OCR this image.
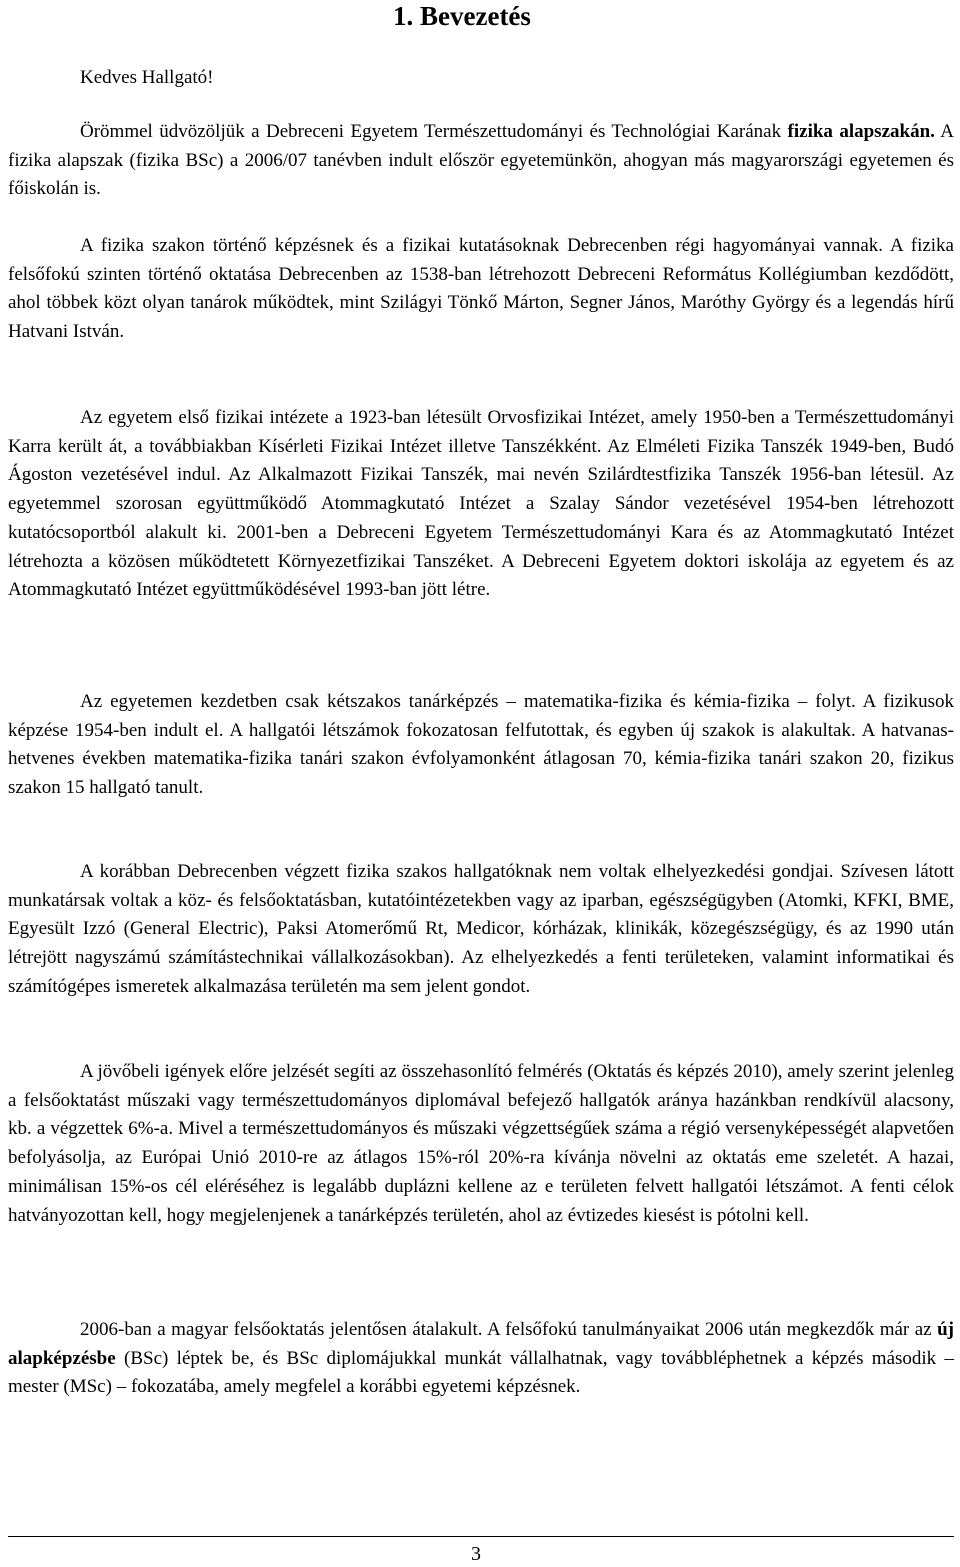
1. Bevezetés
Kedves Hallgató!

Örömmel üdvözöljük a Debreceni Egyetem Természettudományi és Technológiai Karának fizika alapszakán. A fizika alapszak (fizika BSc) a 2006/07 tanévben indult először egyetemünkön, ahogyan más magyarországi egyetemen és főiskolán is.

A fizika szakon történő képzésnek és a fizikai kutatásoknak Debrecenben régi hagyományai vannak. A fizika felsőfokú szinten történő oktatása Debrecenben az 1538-ban létrehozott Debreceni Református Kollégiumban kezdődött, ahol többek közt olyan tanárok működtek, mint Szilágyi Tönkő Márton, Segner János, Maróthy György és a legendás hírű Hatvani István.

Az egyetem első fizikai intézete a 1923-ban létesült Orvosfizikai Intézet, amely 1950-ben a Természettudományi Karra került át, a továbbiakban Kísérleti Fizikai Intézet illetve Tanszékként. Az Elméleti Fizika Tanszék 1949-ben, Budó Ágoston vezetésével indul. Az Alkalmazott Fizikai Tanszék, mai nevén Szilárdtestfizika Tanszék 1956-ban létesül. Az egyetemmel szorosan együttműködő Atommagkutató Intézet a Szalay Sándor vezetésével 1954-ben létrehozott kutatócsoportból alakult ki. 2001-ben a Debreceni Egyetem Természettudományi Kara és az Atommagkutató Intézet létrehozta a közösen működtetett Környezetfizikai Tanszéket. A Debreceni Egyetem doktori iskolája az egyetem és az Atommagkutató Intézet együttműködésével 1993-ban jött létre.

Az egyetemen kezdetben csak kétszakos tanárképzés – matematika-fizika és kémia-fizika – folyt. A fizikusok képzése 1954-ben indult el. A hallgatói létszámok fokozatosan felfutottak, és egyben új szakok is alakultak. A hatvanas-hetvenes években matematika-fizika tanári szakon évfolyamonként átlagosan 70, kémia-fizika tanári szakon 20, fizikus szakon 15 hallgató tanult.

A korábban Debrecenben végzett fizika szakos hallgatóknak nem voltak elhelyezkedési gondjai. Szívesen látott munkatársak voltak a köz- és felsőoktatásban, kutatóintézetekben vagy az iparban, egészségügyben (Atomki, KFKI, BME, Egyesült Izzó (General Electric), Paksi Atomerőmű Rt, Medicor, kórházak, klinikák, közegészségügy, és az 1990 után létrejött nagyszámú számítástechnikai vállalkozásokban). Az elhelyezkedés a fenti területeken, valamint informatikai és számítógépes ismeretek alkalmazása területén ma sem jelent gondot.

A jövőbeli igények előre jelzését segíti az összehasonlító felmérés (Oktatás és képzés 2010), amely szerint jelenleg a felsőoktatást műszaki vagy természettudományos diplomával befejező hallgatók aránya hazánkban rendkívül alacsony, kb. a végzettek 6%-a. Mivel a természettudományos és műszaki végzettségűek száma a régió versenyképességét alapvetően befolyásolja, az Európai Unió 2010-re az átlagos 15%-ról 20%-ra kívánja növelni az oktatás eme szeletét. A hazai, minimálisan 15%-os cél eléréséhez is legalább duplázni kellene az e területen felvett hallgatói létszámot. A fenti célok hatványozottan kell, hogy megjelenjenek a tanárképzés területén, ahol az évtizedes kiesést is pótolni kell.

2006-ban a magyar felsőoktatás jelentősen átalakult. A felsőfokú tanulmányaikat 2006 után megkezdők már az új alapképzésbe (BSc) léptek be, és BSc diplomájukkal munkát vállalhatnak, vagy továbbléphetnek a képzés második – mester (MSc) – fokozatába, amely megfelel a korábbi egyetemi képzésnek.

3
